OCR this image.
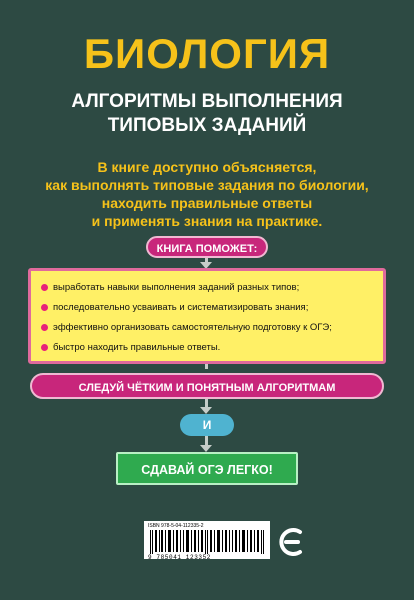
БИОЛОГИЯ
АЛГОРИТМЫ ВЫПОЛНЕНИЯ
ТИПОВЫХ ЗАДАНИЙ
В книге доступно объясняется,
как выполнять типовые задания по биологии,
находить правильные ответы
и применять знания на практике.
КНИГА ПОМОЖЕТ:
выработать навыки выполнения заданий разных типов;
последовательно усваивать и систематизировать знания;
эффективно организовать самостоятельную подготовку к ОГЭ;
быстро находить правильные ответы.
СЛЕДУЙ ЧЁТКИМ И ПОНЯТНЫМ АЛГОРИТМАМ
И
СДАВАЙ ОГЭ ЛЕГКО!
ISBN 978-5-04-112335-2
9 785041 123352
